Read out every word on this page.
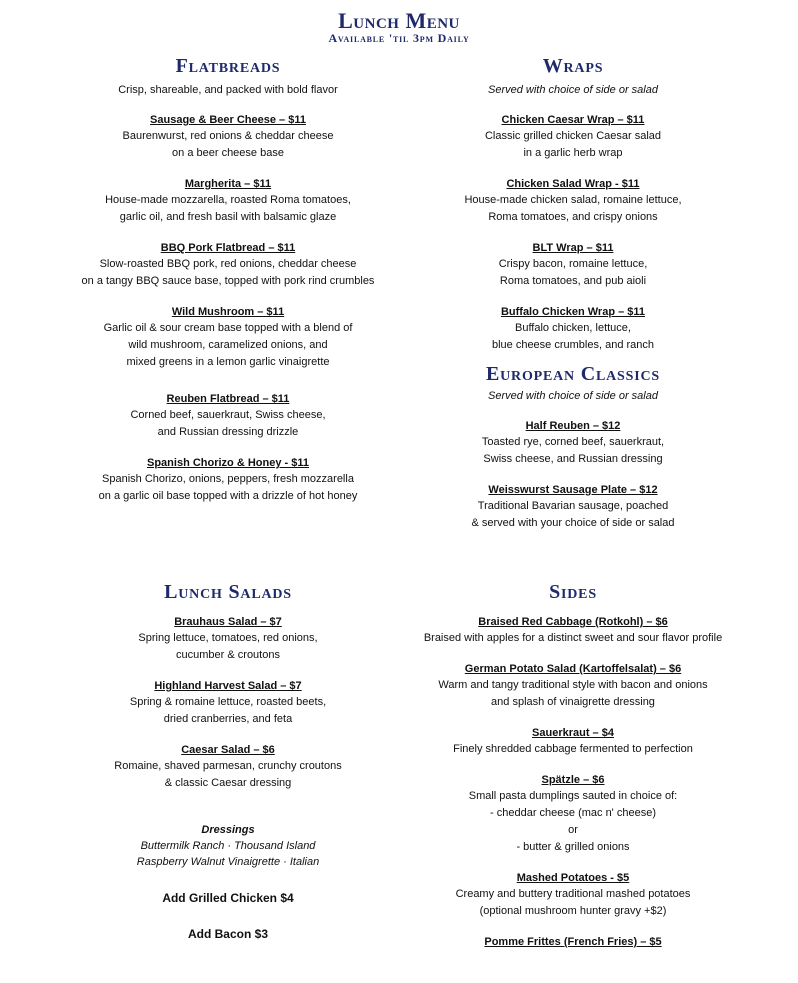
Lunch Menu
Available 'til 3pm Daily
Flatbreads
Crisp, shareable, and packed with bold flavor
Sausage & Beer Cheese – $11
Baurenwurst, red onions & cheddar cheese
on a beer cheese base
Margherita – $11
House-made mozzarella, roasted Roma tomatoes,
garlic oil, and fresh basil with balsamic glaze
BBQ Pork Flatbread – $11
Slow-roasted BBQ pork, red onions, cheddar cheese
on a tangy BBQ sauce base, topped with pork rind crumbles
Wild Mushroom – $11
Garlic oil & sour cream base topped with a blend of
wild mushroom, caramelized onions, and
mixed greens in a lemon garlic vinaigrette
Reuben Flatbread – $11
Corned beef, sauerkraut, Swiss cheese,
and Russian dressing drizzle
Spanish Chorizo & Honey - $11
Spanish Chorizo, onions, peppers, fresh mozzarella
on a garlic oil base topped with a drizzle of hot honey
Wraps
Served with choice of side or salad
Chicken Caesar Wrap – $11
Classic grilled chicken Caesar salad
in a garlic herb wrap
Chicken Salad Wrap - $11
House-made chicken salad, romaine lettuce,
Roma tomatoes, and crispy onions
BLT Wrap – $11
Crispy bacon, romaine lettuce,
Roma tomatoes, and pub aioli
Buffalo Chicken Wrap – $11
Buffalo chicken, lettuce,
blue cheese crumbles, and ranch
European Classics
Served with choice of side or salad
Half Reuben – $12
Toasted rye, corned beef, sauerkraut,
Swiss cheese, and Russian dressing
Weisswurst Sausage Plate – $12
Traditional Bavarian sausage, poached
& served with your choice of side or salad
Lunch Salads
Brauhaus Salad – $7
Spring lettuce, tomatoes, red onions,
cucumber & croutons
Highland Harvest Salad – $7
Spring & romaine lettuce, roasted beets,
dried cranberries, and feta
Caesar Salad – $6
Romaine, shaved parmesan, crunchy croutons
& classic Caesar dressing
Dressings
Buttermilk Ranch · Thousand Island
Raspberry Walnut Vinaigrette · Italian
Add Grilled Chicken $4
Add Bacon $3
Sides
Braised Red Cabbage (Rotkohl) – $6
Braised with apples for a distinct sweet and sour flavor profile
German Potato Salad (Kartoffelsalat) – $6
Warm and tangy traditional style with bacon and onions
and splash of vinaigrette dressing
Sauerkraut – $4
Finely shredded cabbage fermented to perfection
Spätzle – $6
Small pasta dumplings sauted in choice of:
- cheddar cheese (mac n' cheese)
or
- butter & grilled onions
Mashed Potatoes - $5
Creamy and buttery traditional mashed potatoes
(optional mushroom hunter gravy +$2)
Pomme Frittes (French Fries) – $5
